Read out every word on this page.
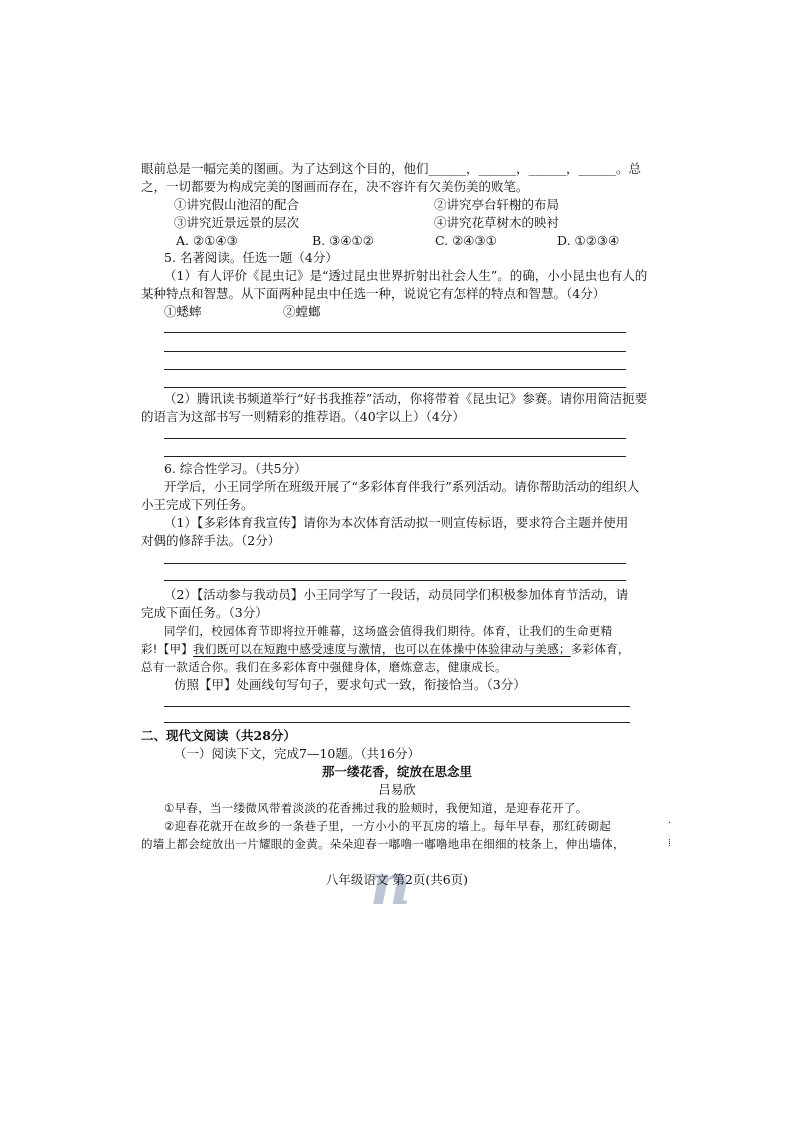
眼前总是一幅完美的图画。为了达到这个目的，他们______，______，______，______。总
之，一切都要为构成完美的图画而存在，决不容许有欠美伤美的败笔。
①讲究假山池沼的配合	②讲究亭台轩榭的布局
③讲究近景远景的层次	④讲究花草树木的映衬
A. ②①④③	B. ③④①②	C. ②④③①	D. ①②③④
5. 名著阅读。任选一题（4分）
（1）有人评价《昆虫记》是“透过昆虫世界折射出社会人生”。的确，小小昆虫也有人的
某种特点和智慧。从下面两种昆虫中任选一种，说说它有怎样的特点和智慧。（4分）
①蟋蟀	②螳螂
（2）腾讯读书频道举行“好书我推荐”活动，你将带着《昆虫记》参赛。请你用简洁扼要
的语言为这部书写一则精彩的推荐语。（40字以上）（4分）
6. 综合性学习。（共5分）
开学后，小王同学所在班级开展了“多彩体育伴我行”系列活动。请你帮助活动的组织人
小王完成下列任务。
（1）【多彩体育我宣传】请你为本次体育活动拟一则宣传标语，要求符合主题并使用
对偶的修辞手法。（2分）
（2）【活动参与我动员】小王同学写了一段话，动员同学们积极参加体育节活动，请
完成下面任务。（3分）
同学们，校园体育节即将拉开帷幕，这场盛会值得我们期待。体育，让我们的生命更精
彩!【甲】我们既可以在短跑中感受速度与激情，也可以在体操中体验律动与美感；多彩体育，
总有一款适合你。我们在多彩体育中强健身体，磨炼意志，健康成长。
仿照【甲】处画线句写句子，要求句式一致，衔接恰当。（3分）
二、现代文阅读（共28分）
（一）阅读下文，完成7—10题。（共16分）
那一缕花香，绽放在思念里
吕易欣
①早春，当一缕微风带着淡淡的花香拂过我的脸颊时，我便知道，是迎春花开了。
②迎春花就开在故乡的一条巷子里，一方小小的平瓦房的墙上。每年早春，那红砖砌起
的墙上都会绽放出一片耀眼的金黄。朵朵迎春一嘟噜一嘟噜地串在细细的枝条上，伸出墙体，
·
⁞
n
八年级语文 第2页(共6页)
